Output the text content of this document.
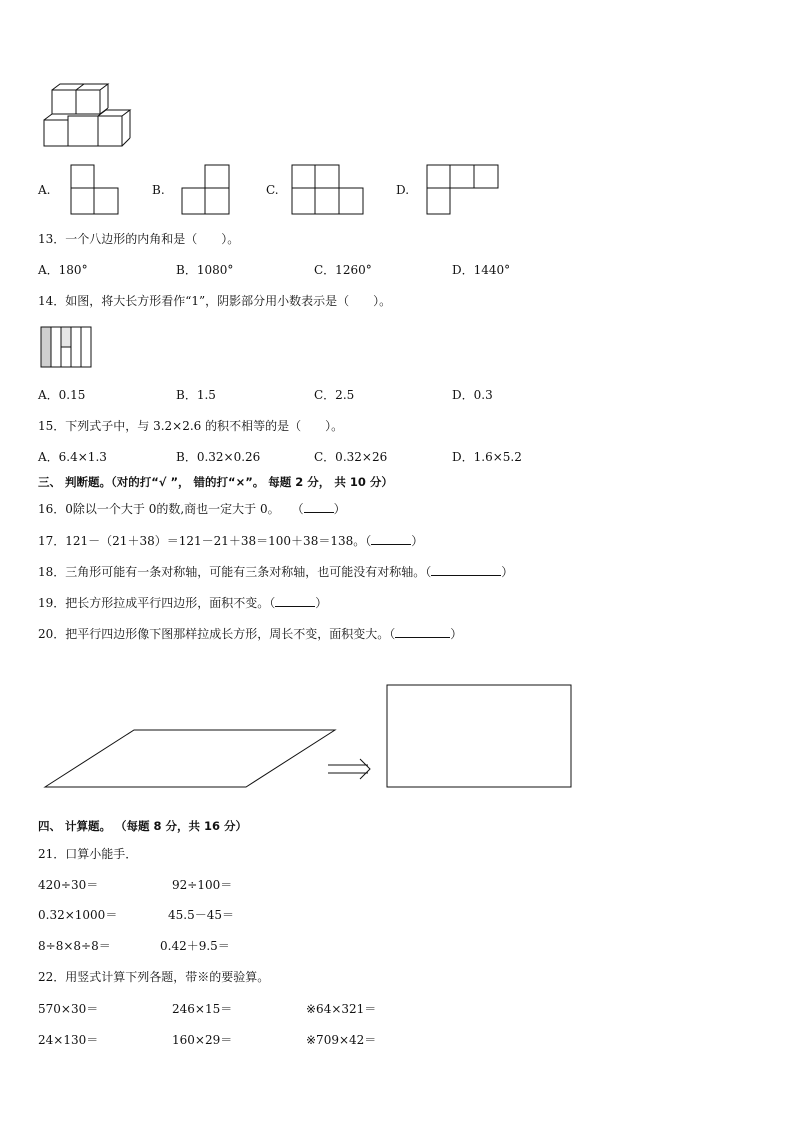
A.	B.	C.	D.
13．一个八边形的内角和是（　　）。
A．180°	B．1080°	C．1260°	D．1440°
14．如图，将大长方形看作“1”，阴影部分用小数表示是（　　）。
A．0.15	B．1.5	C．2.5	D．0.3
15．下列式子中，与 3.2×2.6 的积不相等的是（　　）。
A．6.4×1.3	B．0.32×0.26	C．0.32×26	D．1.6×5.2
三、 判断题。（对的打“√ ”， 错的打“×”。 每题 2 分， 共 10 分）
16．0除以一个大于 0的数,商也一定大于 0。　　（	）
17．121－（21＋38）＝121－21＋38＝100＋38＝138。（	）
18．三角形可能有一条对称轴，可能有三条对称轴，也可能没有对称轴。（	）
19．把长方形拉成平行四边形，面积不变。（	）
20．把平行四边形像下图那样拉成长方形，周长不变，面积变大。（	）
四、 计算题。 （每题 8 分，共 16 分）
21．口算小能手．
420÷30＝	92÷100＝
0.32×1000＝	45.5－45＝
8÷8×8÷8＝	0.42＋9.5＝
22．用竖式计算下列各题，带※的要验算。
570×30＝	246×15＝	※64×321＝
24×130＝	160×29＝	※709×42＝
